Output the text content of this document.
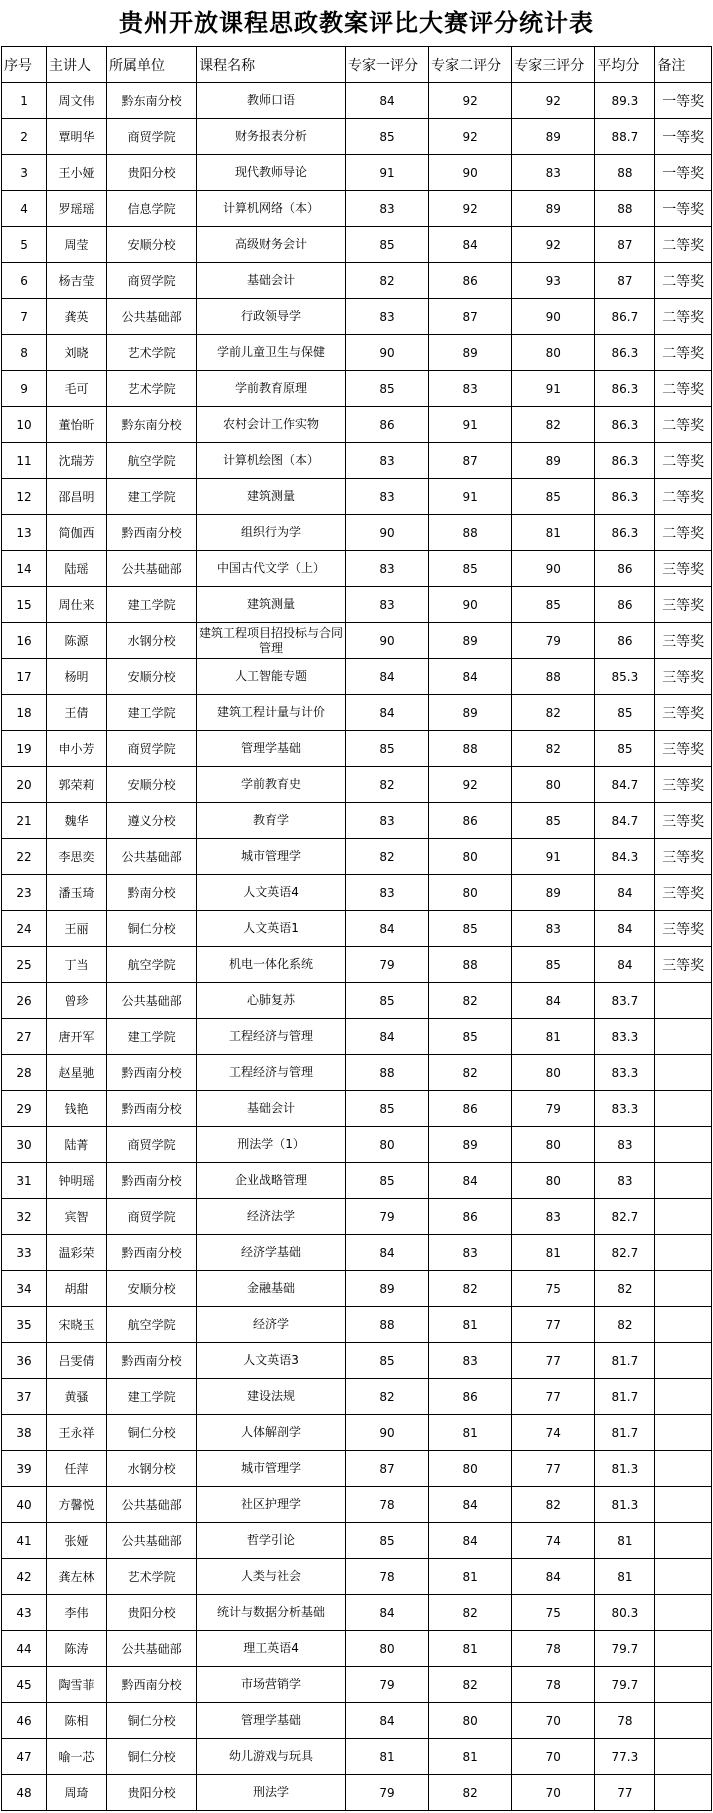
贵州开放课程思政教案评比大赛评分统计表
序号	主讲人	所属单位	课程名称	专家一评分	专家二评分	专家三评分	平均分	备注
1	周文伟	黔东南分校	教师口语	84	92	92	89.3	一等奖
2	覃明华	商贸学院	财务报表分析	85	92	89	88.7	一等奖
3	王小娅	贵阳分校	现代教师导论	91	90	83	88	一等奖
4	罗瑶瑶	信息学院	计算机网络（本）	83	92	89	88	一等奖
5	周莹	安顺分校	高级财务会计	85	84	92	87	二等奖
6	杨吉莹	商贸学院	基础会计	82	86	93	87	二等奖
7	龚英	公共基础部	行政领导学	83	87	90	86.7	二等奖
8	刘晓	艺术学院	学前儿童卫生与保健	90	89	80	86.3	二等奖
9	毛可	艺术学院	学前教育原理	85	83	91	86.3	二等奖
10	董怡昕	黔东南分校	农村会计工作实物	86	91	82	86.3	二等奖
11	沈瑞芳	航空学院	计算机绘图（本）	83	87	89	86.3	二等奖
12	邵昌明	建工学院	建筑测量	83	91	85	86.3	二等奖
13	简伽西	黔西南分校	组织行为学	90	88	81	86.3	二等奖
14	陆瑶	公共基础部	中国古代文学（上）	83	85	90	86	三等奖
15	周仕来	建工学院	建筑测量	83	90	85	86	三等奖
16	陈源	水钢分校	建筑工程项目招投标与合同管理	90	89	79	86	三等奖
17	杨明	安顺分校	人工智能专题	84	84	88	85.3	三等奖
18	王倩	建工学院	建筑工程计量与计价	84	89	82	85	三等奖
19	申小芳	商贸学院	管理学基础	85	88	82	85	三等奖
20	郭荣莉	安顺分校	学前教育史	82	92	80	84.7	三等奖
21	魏华	遵义分校	教育学	83	86	85	84.7	三等奖
22	李思奕	公共基础部	城市管理学	82	80	91	84.3	三等奖
23	潘玉琦	黔南分校	人文英语4	83	80	89	84	三等奖
24	王丽	铜仁分校	人文英语1	84	85	83	84	三等奖
25	丁当	航空学院	机电一体化系统	79	88	85	84	三等奖
26	曾珍	公共基础部	心肺复苏	85	82	84	83.7	
27	唐开军	建工学院	工程经济与管理	84	85	81	83.3	
28	赵星驰	黔西南分校	工程经济与管理	88	82	80	83.3	
29	钱艳	黔西南分校	基础会计	85	86	79	83.3	
30	陆菁	商贸学院	刑法学（1）	80	89	80	83	
31	钟明瑶	黔西南分校	企业战略管理	85	84	80	83	
32	宾智	商贸学院	经济法学	79	86	83	82.7	
33	温彩荣	黔西南分校	经济学基础	84	83	81	82.7	
34	胡甜	安顺分校	金融基础	89	82	75	82	
35	宋晓玉	航空学院	经济学	88	81	77	82	
36	吕雯倩	黔西南分校	人文英语3	85	83	77	81.7	
37	黄骚	建工学院	建设法规	82	86	77	81.7	
38	王永祥	铜仁分校	人体解剖学	90	81	74	81.7	
39	任萍	水钢分校	城市管理学	87	80	77	81.3	
40	方馨悦	公共基础部	社区护理学	78	84	82	81.3	
41	张娅	公共基础部	哲学引论	85	84	74	81	
42	龚左林	艺术学院	人类与社会	78	81	84	81	
43	李伟	贵阳分校	统计与数据分析基础	84	82	75	80.3	
44	陈涛	公共基础部	理工英语4	80	81	78	79.7	
45	陶雪菲	黔西南分校	市场营销学	79	82	78	79.7	
46	陈相	铜仁分校	管理学基础	84	80	70	78	
47	喻一芯	铜仁分校	幼儿游戏与玩具	81	81	70	77.3	
48	周琦	贵阳分校	刑法学	79	82	70	77	
